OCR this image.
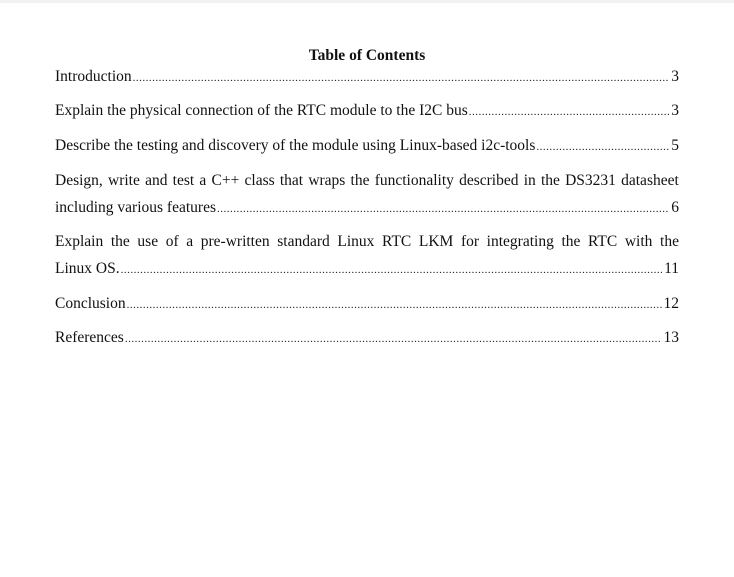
Table of Contents
Introduction .....	3
Explain the physical connection of the RTC module to the I2C bus .....	3
Describe the testing and discovery of the module using Linux-based i2c-tools .....	5
Design, write and test a C++ class that wraps the functionality described in the DS3231 datasheet
including various features .....	6
Explain the use of a pre-written standard Linux RTC LKM for integrating the RTC with the
Linux OS. .....	11
Conclusion .....	12
References .....	13
